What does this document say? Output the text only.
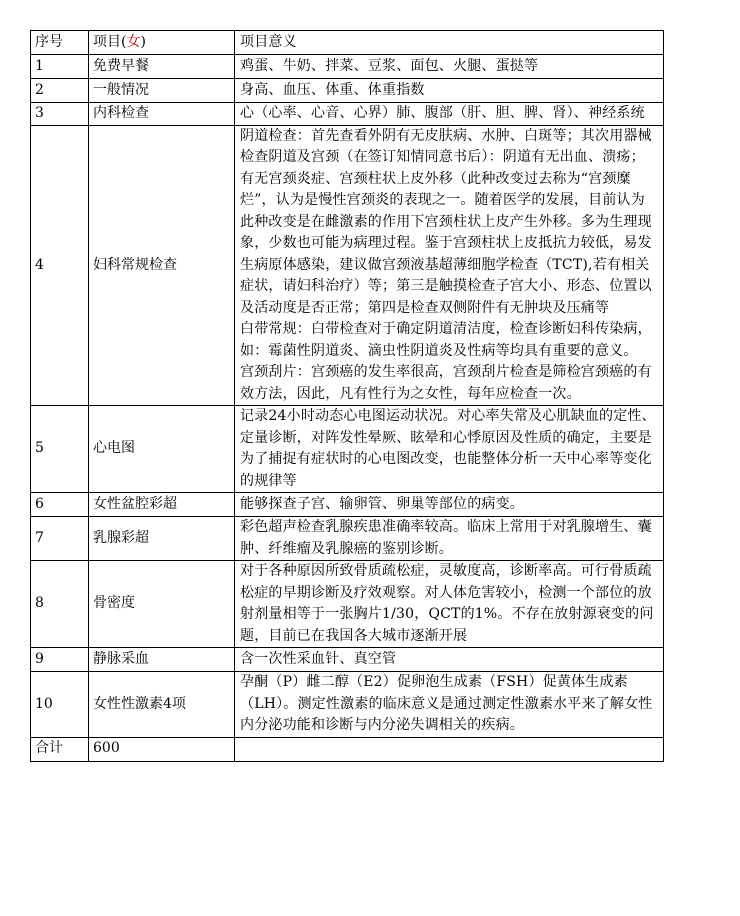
序号	项目(女)	项目意义
1	免费早餐	鸡蛋、牛奶、拌菜、豆浆、面包、火腿、蛋挞等
2	一般情况	身高、血压、体重、体重指数
3	内科检查	心（心率、心音、心界）肺、腹部（肝、胆、脾、肾）、神经系统
4	妇科常规检查	阴道检查：首先查看外阴有无皮肤病、水肿、白斑等；其次用器械检查阴道及宫颈（在签订知情同意书后）：阴道有无出血、溃疡；有无宫颈炎症、宫颈柱状上皮外移（此种改变过去称为“宫颈糜烂”，认为是慢性宫颈炎的表现之一。随着医学的发展，目前认为此种改变是在雌激素的作用下宫颈柱状上皮产生外移。多为生理现象，少数也可能为病理过程。鉴于宫颈柱状上皮抵抗力较低，易发生病原体感染，建议做宫颈液基超薄细胞学检查（TCT),若有相关症状，请妇科治疗）等；第三是触摸检查子宫大小、形态、位置以及活动度是否正常；第四是检查双侧附件有无肿块及压痛等
白带常规：白带检查对于确定阴道清洁度，检查诊断妇科传染病，如：霉菌性阴道炎、滴虫性阴道炎及性病等均具有重要的意义。
宫颈刮片：宫颈癌的发生率很高，宫颈刮片检查是筛检宫颈癌的有效方法，因此，凡有性行为之女性，每年应检查一次。

5	心电图	记录24小时动态心电图运动状况。对心率失常及心肌缺血的定性、定量诊断，对阵发性晕厥、眩晕和心悸原因及性质的确定，主要是为了捕捉有症状时的心电图改变，也能整体分析一天中心率等变化的规律等
6	女性盆腔彩超	能够探查子宫、输卵管、卵巢等部位的病变。
7	乳腺彩超	彩色超声检查乳腺疾患准确率较高。临床上常用于对乳腺增生、囊肿、纤维瘤及乳腺癌的鉴别诊断。
8	骨密度	对于各种原因所致骨质疏松症，灵敏度高，诊断率高。可行骨质疏松症的早期诊断及疗效观察。对人体危害较小，检测一个部位的放射剂量相等于一张胸片1/30，QCT的1%。不存在放射源衰变的问题，目前已在我国各大城市逐渐开展
9	静脉采血	含一次性采血针、真空管
10	女性性激素4项	孕酮（P）雌二醇（E2）促卵泡生成素（FSH）促黄体生成素（LH）。测定性激素的临床意义是通过测定性激素水平来了解女性内分泌功能和诊断与内分泌失调相关的疾病。
合计	600	
